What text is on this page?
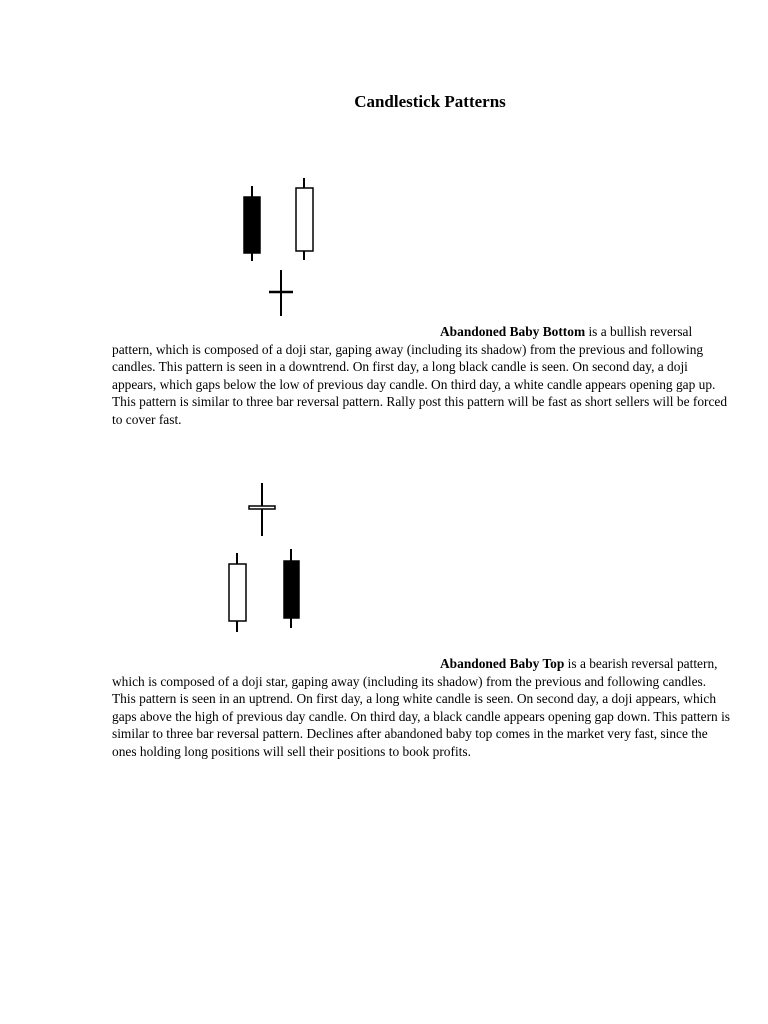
Candlestick Patterns

Abandoned Baby Bottom is a bullish reversal pattern, which is composed of a doji star, gaping away (including its shadow) from the previous and following candles. This pattern is seen in a downtrend. On first day, a long black candle is seen. On second day, a doji appears, which gaps below the low of previous day candle. On third day, a white candle appears opening gap up. This pattern is similar to three bar reversal pattern. Rally post this pattern will be fast as short sellers will be forced to cover fast.

Abandoned Baby Top is a bearish reversal pattern, which is composed of a doji star, gaping away (including its shadow) from the previous and following candles. This pattern is seen in an uptrend. On first day, a long white candle is seen. On second day, a doji appears, which gaps above the high of previous day candle. On third day, a black candle appears opening gap down. This pattern is similar to three bar reversal pattern. Declines after abandoned baby top comes in the market very fast, since the ones holding long positions will sell their positions to book profits.
